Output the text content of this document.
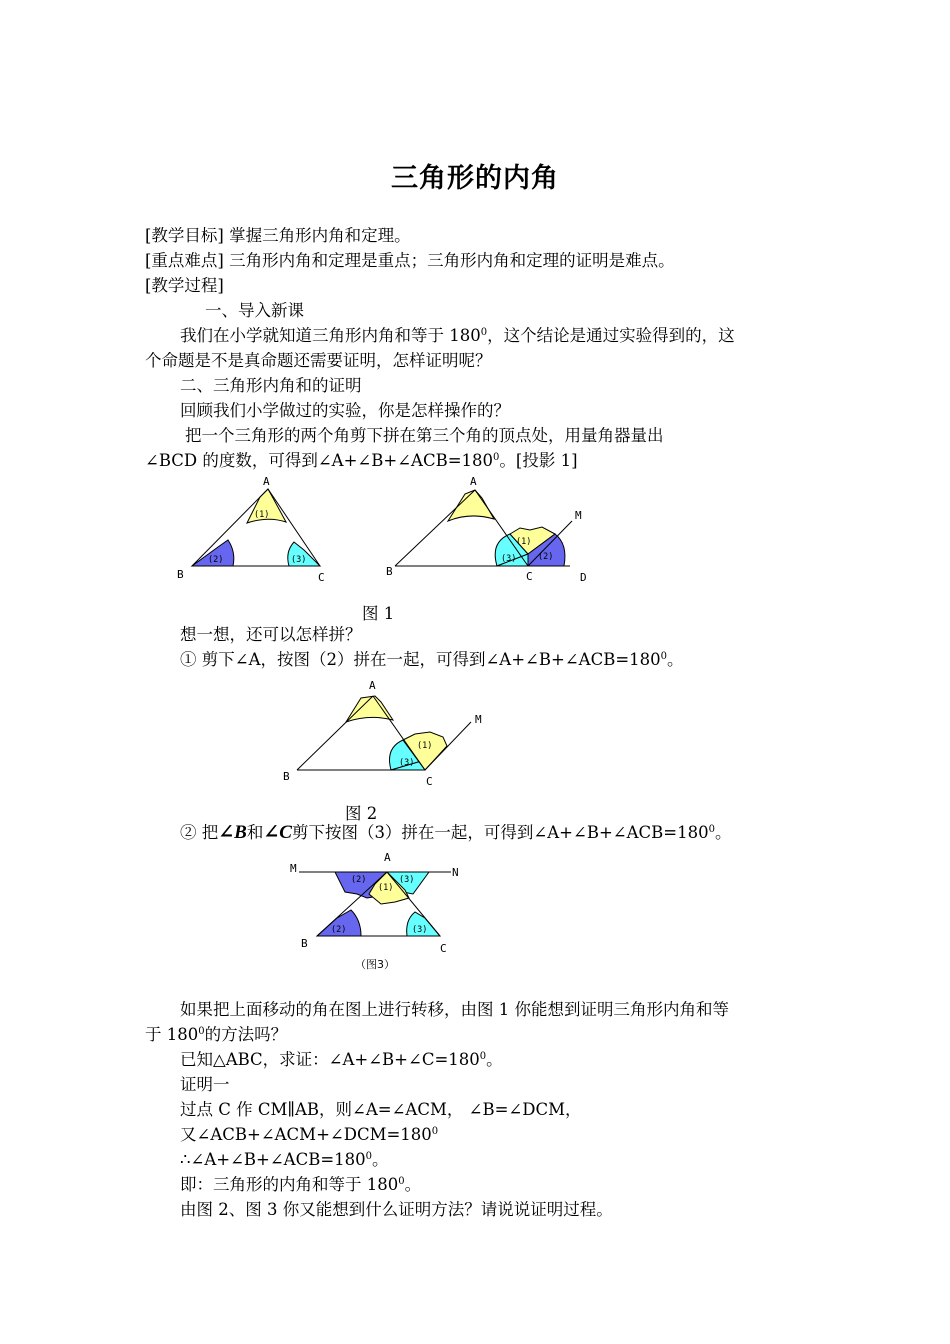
三角形的内角
[教学目标] 掌握三角形内角和定理。
[重点难点] 三角形内角和定理是重点；三角形内角和定理的证明是难点。
[教学过程]
一、导入新课
我们在小学就知道三角形内角和等于 $180^0$，这个结论是通过实验得到的，这
个命题是不是真命题还需要证明，怎样证明呢？
二、三角形内角和的证明
回顾我们小学做过的实验，你是怎样操作的？
把一个三角形的两个角剪下拼在第三个角的顶点处，用量角器量出
∠BCD 的度数，可得到$\angle A+\angle B+\angle ACB=180^0$。[投影 1]
(1)
(2)	(3)
A
B	C
(1)
(3)	(2)
A
B	C	D
M
图 1
想一想，还可以怎样拼？
① 剪下∠A，按图（2）拼在一起，可得到$\angle A+\angle B+\angle ACB=180^0$。
(1)
(3)
A
B	C
M
图 2
② 把∠B和∠C剪下按图（3）拼在一起，可得到$\angle A+\angle B+\angle ACB=180^0$。
(2)
(1)
(3)
(2)	(3)
A
M	N
B	C
（图3）
如果把上面移动的角在图上进行转移，由图 1 你能想到证明三角形内角和等
于 $180^0$的方法吗？
已知△ABC，求证：$\angle A+\angle B+\angle C=180^0$。
证明一
过点 C 作 CM∥AB，则∠A=∠ACM， ∠B=∠DCM，
又$\angle ACB+\angle ACM+\angle DCM=180^0$
$\therefore\angle A+\angle B+\angle ACB=180^0$。
即：三角形的内角和等于 $180^0$。
由图 2、图 3 你又能想到什么证明方法？请说说证明过程。
